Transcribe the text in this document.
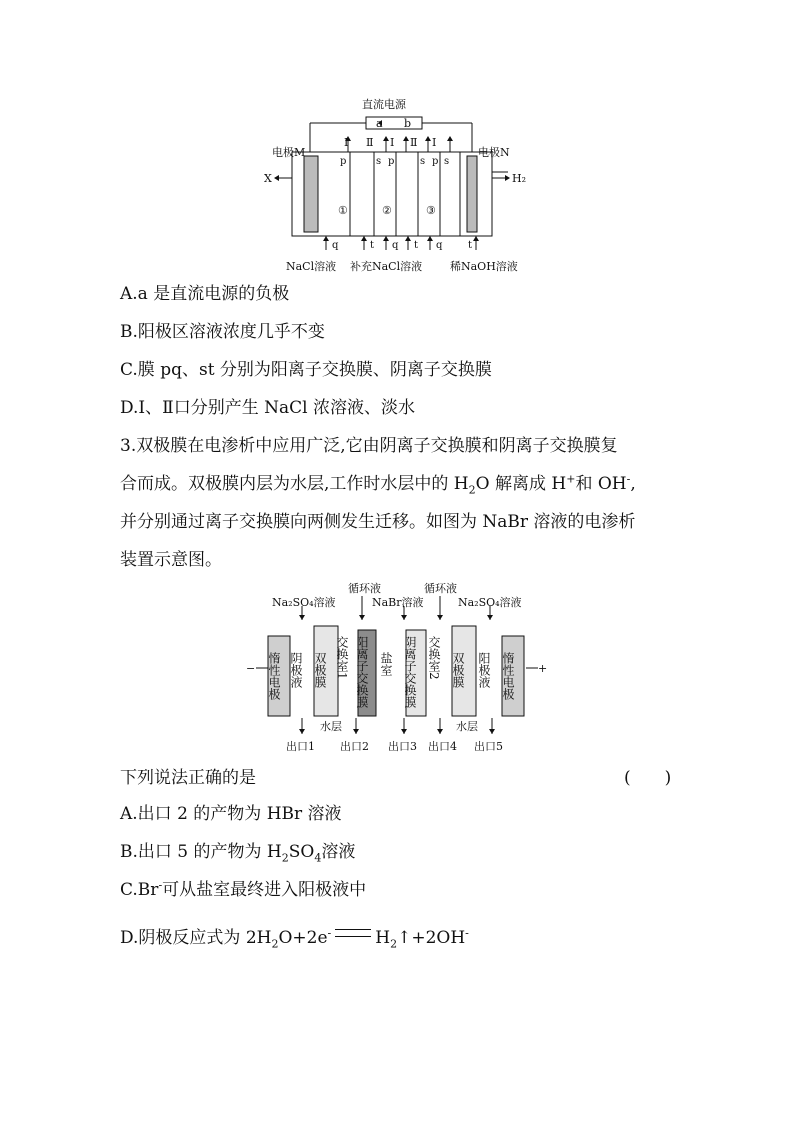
直流电源
a b
电极M	电极N
X	H₂
Ⅰ Ⅱ Ⅰ Ⅱ Ⅰ
p	s p	s p s
q	t q t q	t
①	②	③
NaCl溶液 补充NaCl溶液	稀NaOH溶液
A.a 是直流电源的负极
B.阳极区溶液浓度几乎不变
C.膜 pq、st 分别为阳离子交换膜、阴离子交换膜
D.Ⅰ、Ⅱ口分别产生 NaCl 浓溶液、淡水
3.双极膜在电渗析中应用广泛,它由阴离子交换膜和阴离子交换膜复
合而成。双极膜内层为水层,工作时水层中的 $H_2O$ 解离成 H+和 OH-,
并分别通过离子交换膜向两侧发生迁移。如图为 NaBr 溶液的电渗析
装置示意图。
循环液	循环液
Na₂SO₄溶液	NaBr溶液	Na₂SO₄溶液
−	+
惰性电极 阴极液 双极膜 交换室1 阳离子交换膜 盐室 阴离子交换膜 交换室2 双极膜 阳极液 惰性电极
水层	水层
出口1 出口2 出口3 出口4 出口5
下列说法正确的是	(　　)
A.出口 2 的产物为 HBr 溶液
B.出口 5 的产物为 $H_2SO_4$溶液
C.Br-可从盐室最终进入阳极液中
D.阴极反应式为 $2H_2O+2e^-$	$H_2↑+2OH^-$
